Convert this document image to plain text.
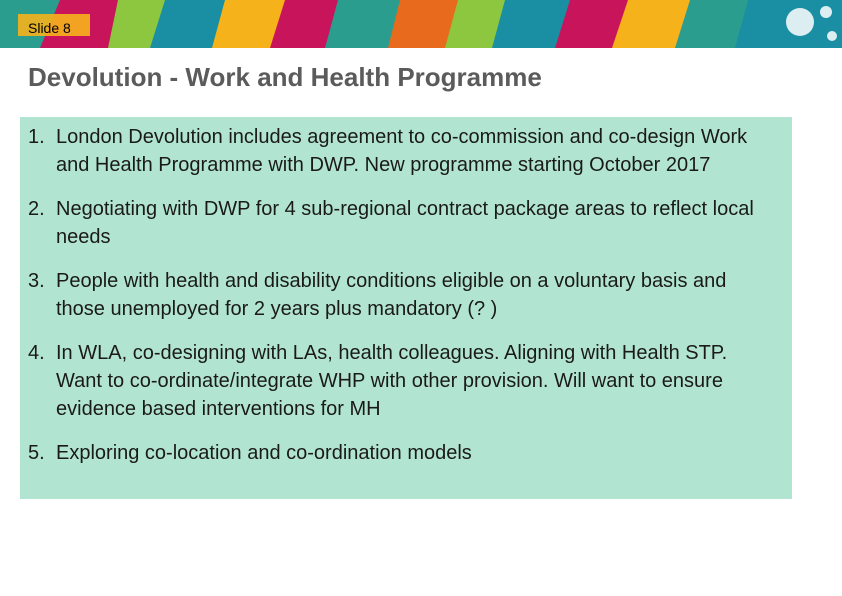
Slide 8
Devolution - Work and Health Programme
1. London Devolution includes agreement to co-commission and co-design Work and Health Programme with DWP. New programme starting October 2017
2. Negotiating with DWP for 4 sub-regional contract package areas to reflect local needs
3. People with health and disability conditions eligible on a voluntary basis and those unemployed for 2 years plus mandatory (? )
4. In WLA, co-designing with LAs, health colleagues. Aligning with Health STP. Want to co-ordinate/integrate WHP with other provision. Will want to ensure evidence based interventions for MH
5. Exploring co-location and co-ordination models
